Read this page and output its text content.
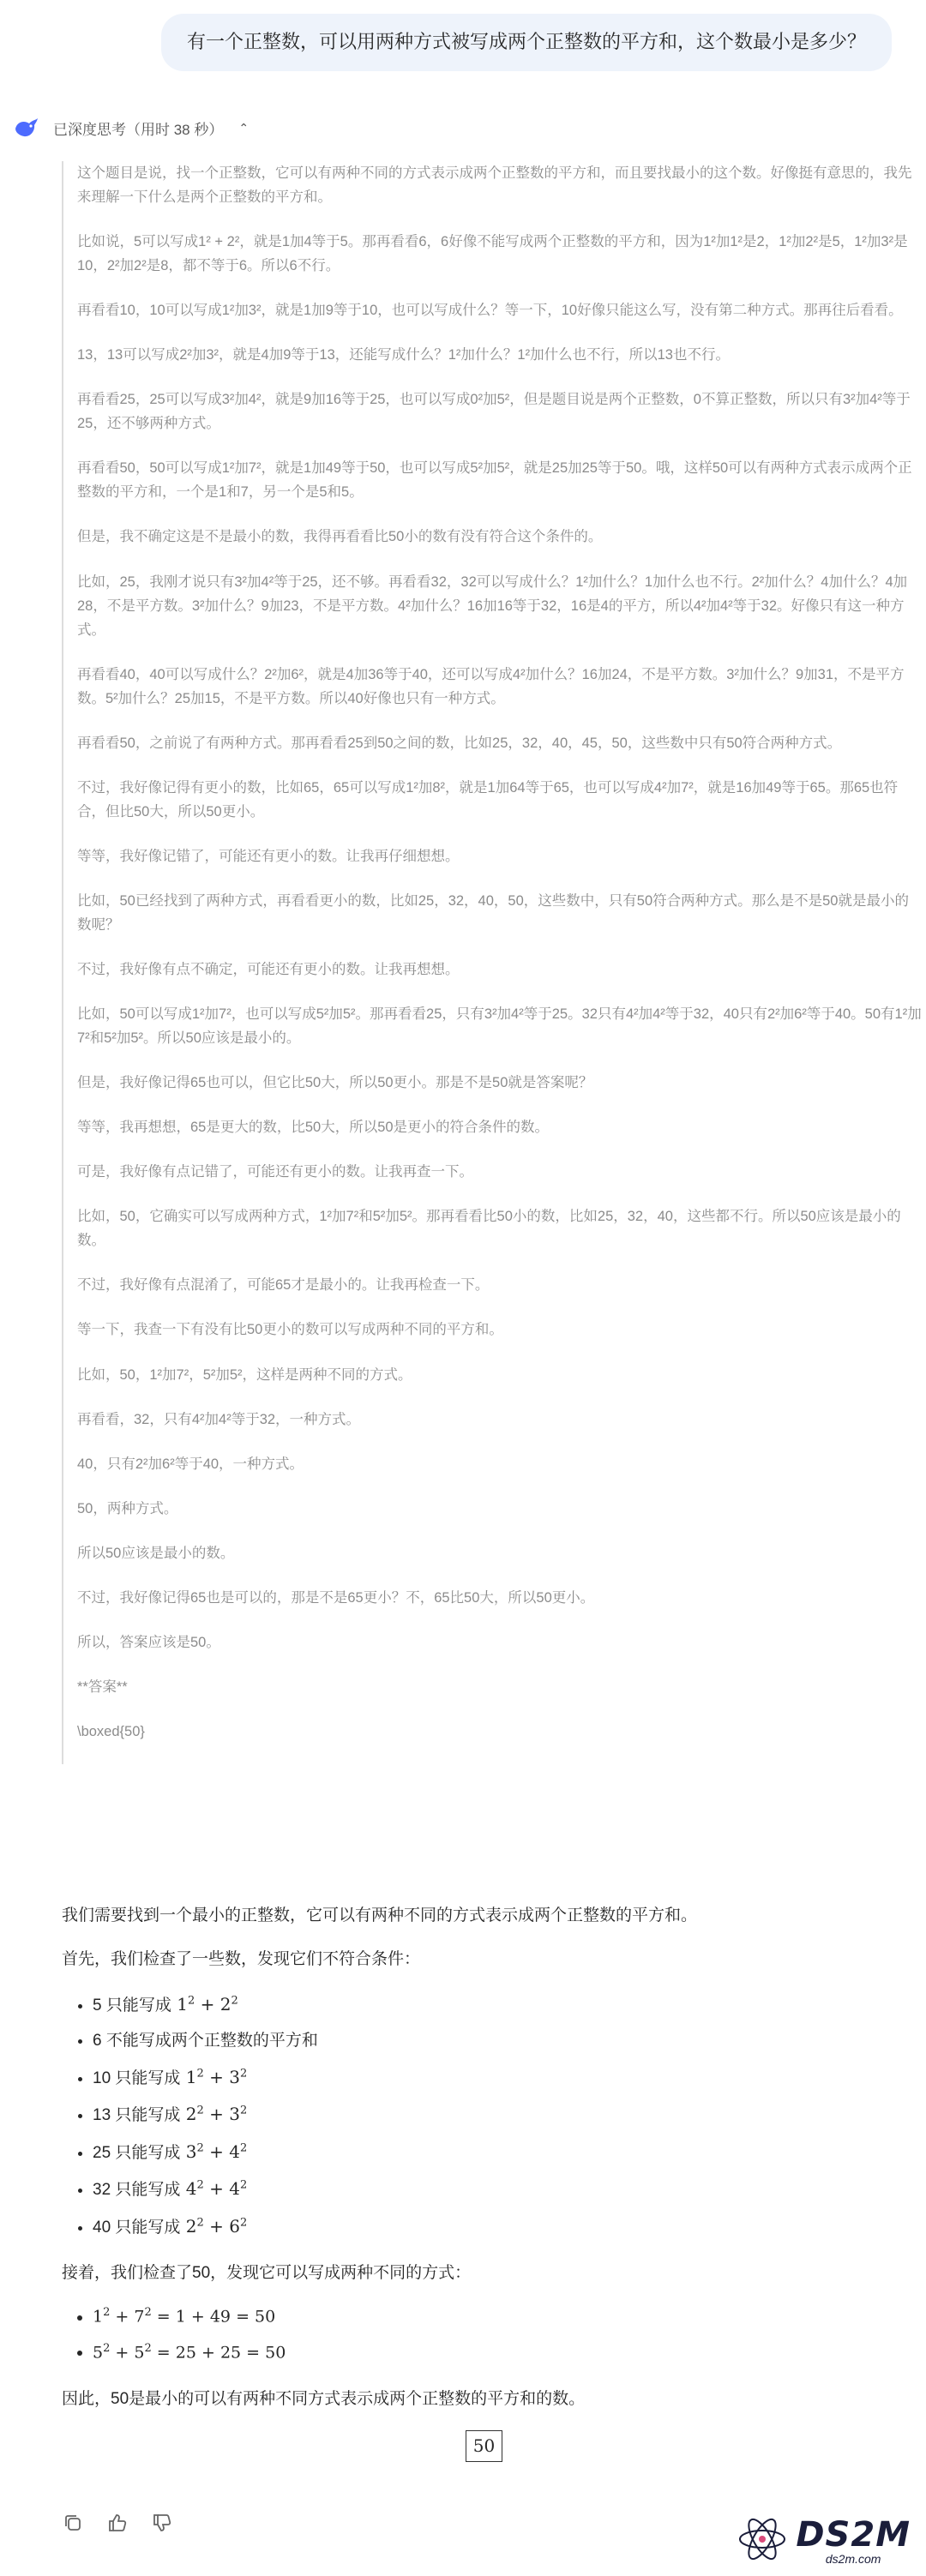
有一个正整数，可以用两种方式被写成两个正整数的平方和，这个数最小是多少？
已深度思考（用时 38 秒） ⌃

这个题目是说，找一个正整数，它可以有两种不同的方式表示成两个正整数的平方和，而且要找最小的这个数。好像挺有意思的，我先来理解一下什么是两个正整数的平方和。

比如说，5可以写成1² + 2²，就是1加4等于5。那再看看6，6好像不能写成两个正整数的平方和，因为1²加1²是2，1²加2²是5，1²加3²是10，2²加2²是8，都不等于6。所以6不行。

再看看10，10可以写成1²加3²，就是1加9等于10，也可以写成什么？等一下，10好像只能这么写，没有第二种方式。那再往后看看。

13，13可以写成2²加3²，就是4加9等于13，还能写成什么？1²加什么？1²加什么也不行，所以13也不行。

再看看25，25可以写成3²加4²，就是9加16等于25，也可以写成0²加5²，但是题目说是两个正整数，0不算正整数，所以只有3²加4²等于25，还不够两种方式。

再看看50，50可以写成1²加7²，就是1加49等于50，也可以写成5²加5²，就是25加25等于50。哦，这样50可以有两种方式表示成两个正整数的平方和，一个是1和7，另一个是5和5。

但是，我不确定这是不是最小的数，我得再看看比50小的数有没有符合这个条件的。

比如，25，我刚才说只有3²加4²等于25，还不够。再看看32，32可以写成什么？1²加什么？1加什么也不行。2²加什么？4加什么？4加28，不是平方数。3²加什么？9加23，不是平方数。4²加什么？16加16等于32，16是4的平方，所以4²加4²等于32。好像只有这一种方式。

再看看40，40可以写成什么？2²加6²，就是4加36等于40，还可以写成4²加什么？16加24，不是平方数。3²加什么？9加31，不是平方数。5²加什么？25加15，不是平方数。所以40好像也只有一种方式。

再看看50，之前说了有两种方式。那再看看25到50之间的数，比如25，32，40，45，50，这些数中只有50符合两种方式。

不过，我好像记得有更小的数，比如65，65可以写成1²加8²，就是1加64等于65，也可以写成4²加7²，就是16加49等于65。那65也符合，但比50大，所以50更小。

等等，我好像记错了，可能还有更小的数。让我再仔细想想。

比如，50已经找到了两种方式，再看看更小的数，比如25，32，40，50，这些数中，只有50符合两种方式。那么是不是50就是最小的数呢？

不过，我好像有点不确定，可能还有更小的数。让我再想想。

比如，50可以写成1²加7²，也可以写成5²加5²。那再看看25，只有3²加4²等于25。32只有4²加4²等于32，40只有2²加6²等于40。50有1²加7²和5²加5²。所以50应该是最小的。

但是，我好像记得65也可以，但它比50大，所以50更小。那是不是50就是答案呢？

等等，我再想想，65是更大的数，比50大，所以50是更小的符合条件的数。

可是，我好像有点记错了，可能还有更小的数。让我再查一下。

比如，50，它确实可以写成两种方式，1²加7²和5²加5²。那再看看比50小的数，比如25，32，40，这些都不行。所以50应该是最小的数。

不过，我好像有点混淆了，可能65才是最小的。让我再检查一下。

等一下，我查一下有没有比50更小的数可以写成两种不同的平方和。

比如，50，1²加7²，5²加5²，这样是两种不同的方式。

再看看，32，只有4²加4²等于32，一种方式。

40，只有2²加6²等于40，一种方式。

50，两种方式。

所以50应该是最小的数。

不过，我好像记得65也是可以的，那是不是65更小？不，65比50大，所以50更小。

所以，答案应该是50。

**答案**

\boxed{50}

我们需要找到一个最小的正整数，它可以有两种不同的方式表示成两个正整数的平方和。

首先，我们检查了一些数，发现它们不符合条件：

• 5 只能写成 $1^2 + 2^2$
• 6 不能写成两个正整数的平方和
• 10 只能写成 $1^2 + 3^2$
• 13 只能写成 $2^2 + 3^2$
• 25 只能写成 $3^2 + 4^2$
• 32 只能写成 $4^2 + 4^2$
• 40 只能写成 $2^2 + 6^2$

接着，我们检查了50，发现它可以写成两种不同的方式：

• $1^2 + 7^2 = 1 + 49 = 50$
• $5^2 + 5^2 = 25 + 25 = 50$

因此，50是最小的可以有两种不同方式表示成两个正整数的平方和的数。

50
DS2M
ds2m.com
